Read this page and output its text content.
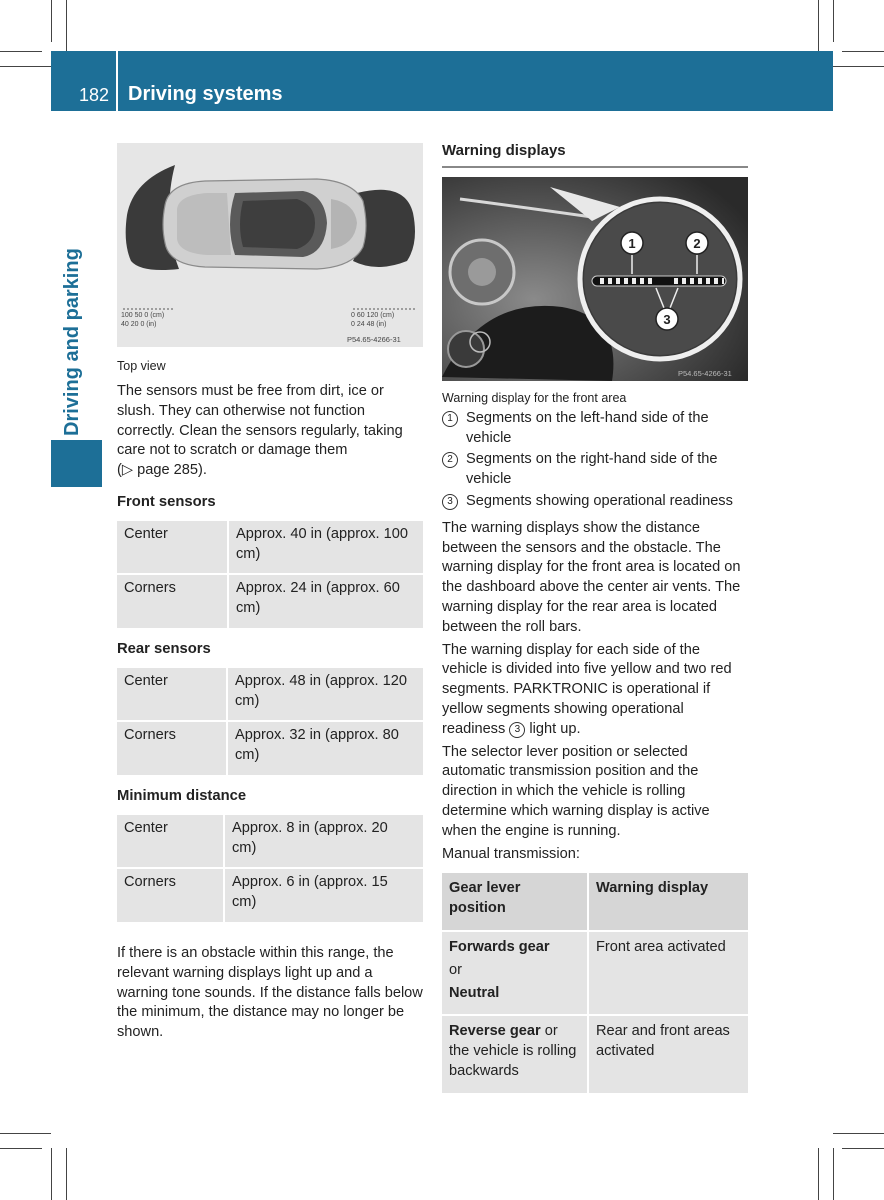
182 Driving systems
Driving and parking	100 50 0 (cm)
40 20 0 (in)
0 60 120 (cm)
0 24 48 (in)
P54.65-4266-31

Top view

The sensors must be free from dirt, ice or slush. They can otherwise not function correctly. Clean the sensors regularly, taking care not to scratch or damage them
(▷ page 285).

Front sensors

Center	Approx. 40 in (approx. 100 cm)
Corners	Approx. 24 in (approx. 60 cm)

Rear sensors

Center	Approx. 48 in (approx. 120 cm)
Corners	Approx. 32 in (approx. 80 cm)

Minimum distance

Center	Approx. 8 in (approx. 20 cm)
Corners	Approx. 6 in (approx. 15 cm)

If there is an obstacle within this range, the relevant warning displays light up and a warning tone sounds. If the distance falls below the minimum, the distance may no longer be shown.

Warning displays
1	2
3
P54.65-4266-31

Warning display for the front area

1 Segments on the left-hand side of the vehicle
2 Segments on the right-hand side of the vehicle
3 Segments showing operational readiness

The warning displays show the distance between the sensors and the obstacle. The warning display for the front area is located on the dashboard above the center air vents. The warning display for the rear area is located between the roll bars.

The warning display for each side of the vehicle is divided into five yellow and two red segments. PARKTRONIC is operational if yellow segments showing operational readiness 3 light up.

The selector lever position or selected automatic transmission position and the direction in which the vehicle is rolling determine which warning display is active when the engine is running.

Manual transmission:

Gear lever position	Warning display

Forwards gear
or
Neutral	Front area activated
Reverse gear or the vehicle is rolling backwards	Rear and front areas activated
